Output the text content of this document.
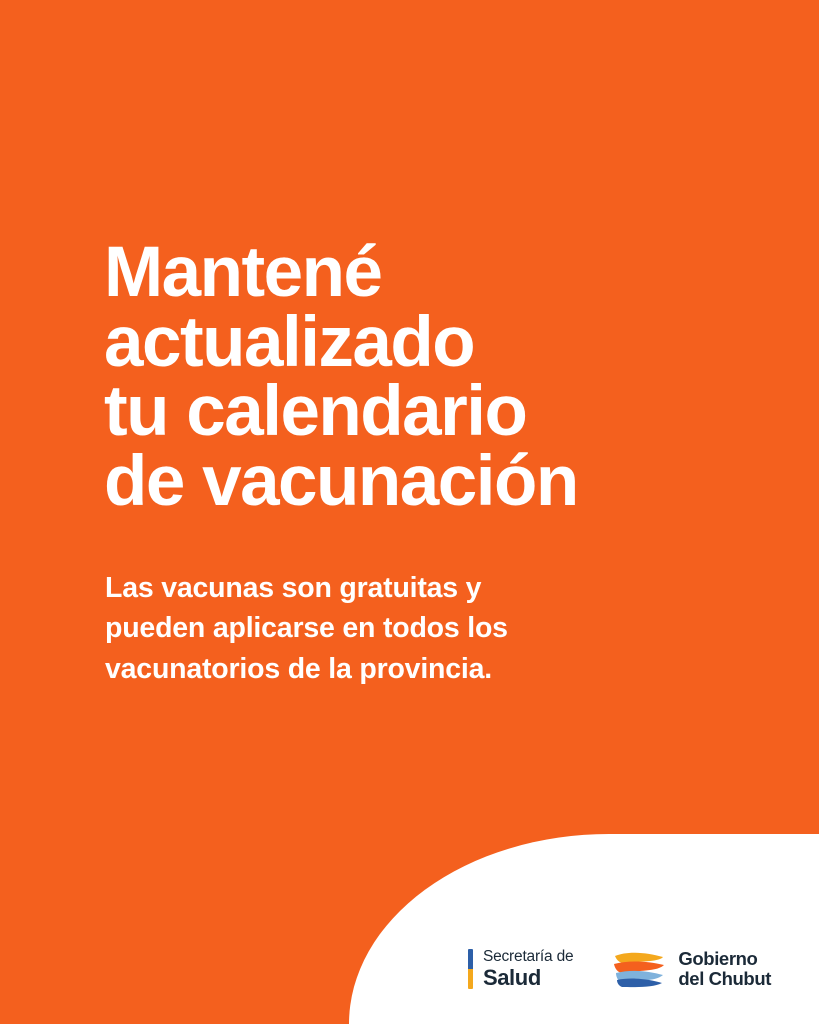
Mantené
actualizado
tu calendario
de vacunación
Las vacunas son gratuitas y
pueden aplicarse en todos los
vacunatorios de la provincia.
Secretaría de
Salud
Gobierno
del Chubut
